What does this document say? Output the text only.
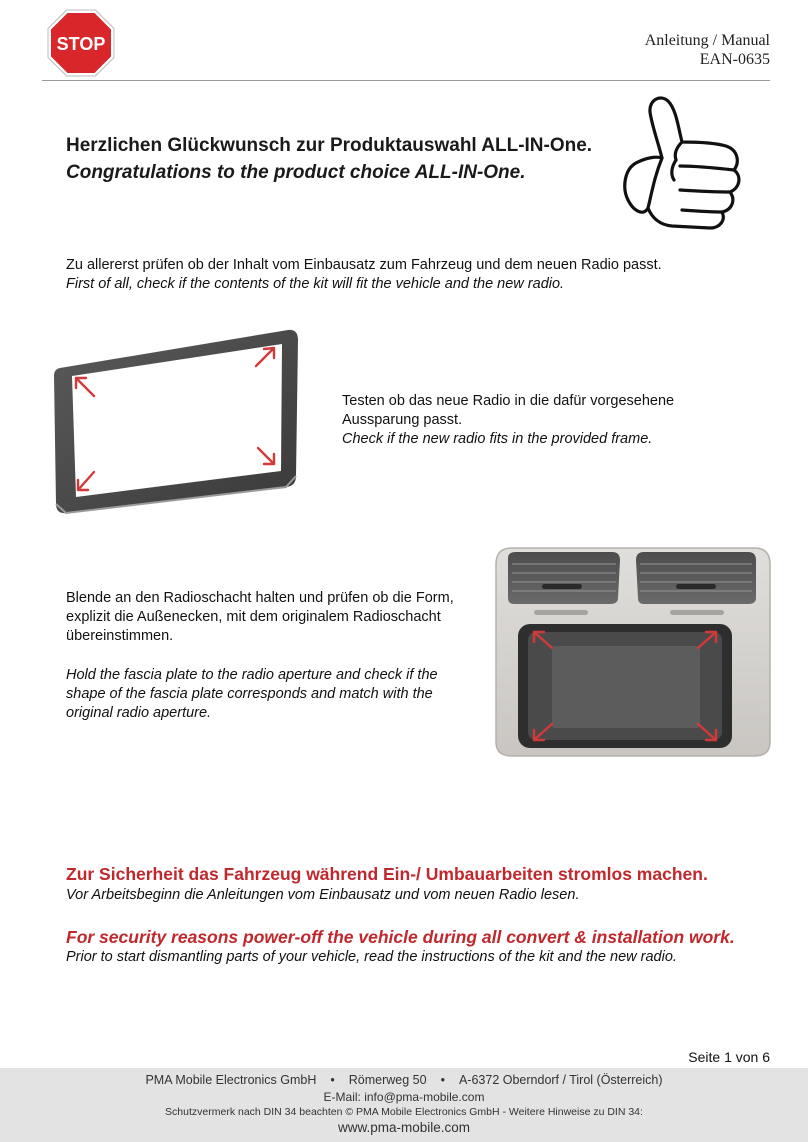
STOP	Anleitung / Manual
EAN-0635
Herzlichen Glückwunsch zur Produktauswahl ALL-IN-One.
Congratulations to the product choice ALL-IN-One.
Zu allererst prüfen ob der Inhalt vom Einbausatz zum Fahrzeug und dem neuen Radio passt.
First of all, check if the contents of the kit will fit the vehicle and the new radio.
Testen ob das neue Radio in die dafür vorgesehene
Aussparung passt.
Check if the new radio fits in the provided frame.
Blende an den Radioschacht halten und prüfen ob die Form,
explizit die Außenecken, mit dem originalem Radioschacht
übereinstimmen.
Hold the fascia plate to the radio aperture and check if the
shape of the fascia plate corresponds and match with the
original radio aperture.
Zur Sicherheit das Fahrzeug während Ein-/ Umbauarbeiten stromlos machen.
Vor Arbeitsbeginn die Anleitungen vom Einbausatz und vom neuen Radio lesen.
For security reasons power-off the vehicle during all convert & installation work.
Prior to start dismantling parts of your vehicle, read the instructions of the kit and the new radio.
Seite 1 von 6
PMA Mobile Electronics GmbH • Römerweg 50 • A-6372 Oberndorf / Tirol (Österreich)
E-Mail: info@pma-mobile.com
Schutzvermerk nach DIN 34 beachten © PMA Mobile Electronics GmbH - Weitere Hinweise zu DIN 34:
www.pma-mobile.com
